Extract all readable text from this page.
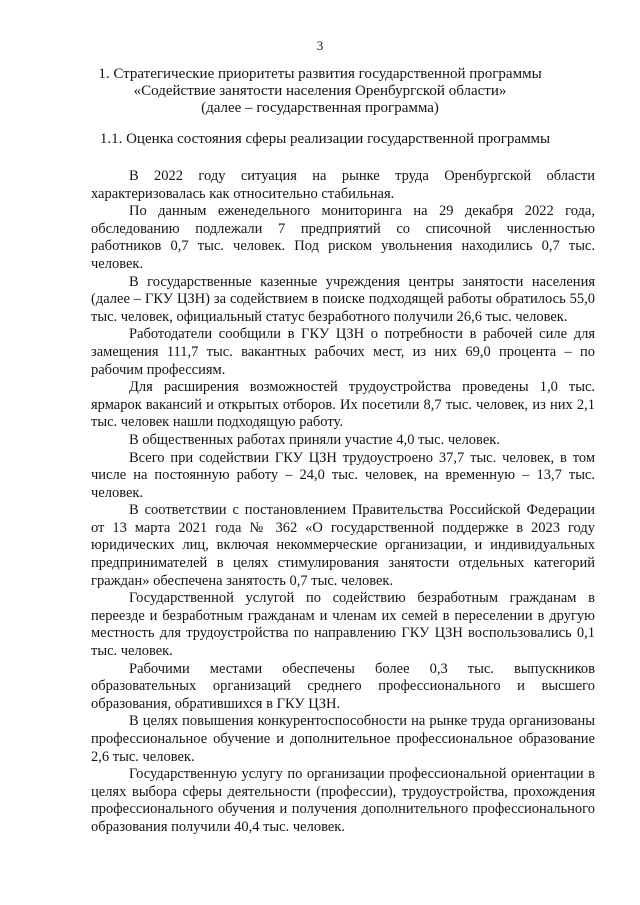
3
1. Стратегические приоритеты развития государственной программы
«Содействие занятости населения Оренбургской области»
(далее – государственная программа)
1.1. Оценка состояния сферы реализации государственной программы

В 2022 году ситуация на рынке труда Оренбургской области характеризовалась как относительно стабильная.

По данным еженедельного мониторинга на 29 декабря 2022 года, обследованию подлежали 7 предприятий со списочной численностью работников 0,7 тыс. человек. Под риском увольнения находились 0,7 тыс. человек.

В государственные казенные учреждения центры занятости населения (далее – ГКУ ЦЗН) за содействием в поиске подходящей работы обратилось 55,0 тыс. человек, официальный статус безработного получили 26,6 тыс. человек.

Работодатели сообщили в ГКУ ЦЗН о потребности в рабочей силе для замещения 111,7 тыс. вакантных рабочих мест, из них 69,0 процента – по рабочим профессиям.

Для расширения возможностей трудоустройства проведены 1,0 тыс. ярмарок вакансий и открытых отборов. Их посетили 8,7 тыс. человек, из них 2,1 тыс. человек нашли подходящую работу.

В общественных работах приняли участие 4,0 тыс. человек.

Всего при содействии ГКУ ЦЗН трудоустроено 37,7 тыс. человек, в том числе на постоянную работу – 24,0 тыс. человек, на временную – 13,7 тыс. человек.

В соответствии с постановлением Правительства Российской Федерации от 13 марта 2021 года № 362 «О государственной поддержке в 2023 году юридических лиц, включая некоммерческие организации, и индивидуальных предпринимателей в целях стимулирования занятости отдельных категорий граждан» обеспечена занятость 0,7 тыс. человек.

Государственной услугой по содействию безработным гражданам в переезде и безработным гражданам и членам их семей в переселении в другую местность для трудоустройства по направлению ГКУ ЦЗН воспользовались 0,1 тыс. человек.

Рабочими местами обеспечены более 0,3 тыс. выпускников образовательных организаций среднего профессионального и высшего образования, обратившихся в ГКУ ЦЗН.

В целях повышения конкурентоспособности на рынке труда организованы профессиональное обучение и дополнительное профессиональное образование 2,6 тыс. человек.

Государственную услугу по организации профессиональной ориентации в целях выбора сферы деятельности (профессии), трудоустройства, прохождения профессионального обучения и получения дополнительного профессионального образования получили 40,4 тыс. человек.
